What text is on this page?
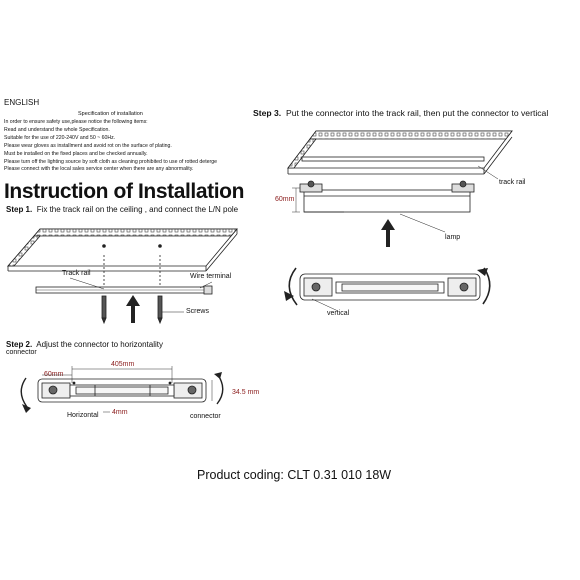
ENGLISH
Specification of installation
In order to ensure safety use,please notice the following items:
Read and understand the whole Specification.
Suitable for the use of 220-240V and 50 ~ 60Hz.
Please wear gloves as installment and avoid rot on the surface of plating.
Must be installed on the fixed places and be checked annually.
Please turn off the lighting source by soft cloth as cleaning prohibited to use of rotted deterge
Please connect with the local sales service center when there are any abnormality.
Instruction of Installation
Step 1. Fix the track rail on the ceiling , and connect the L/N pole
Step 2. Adjust the connector to horizontality
connector
Step 3. Put the connector into the track rail, then put the connector to vertical
Track rail	Wire terminal
Screws
60mm
405mm
34.5 mm
4mm
Horizontal	connector
track rail
60mm
lamp
vertical
Product coding: CLT 0.31 010 18W
